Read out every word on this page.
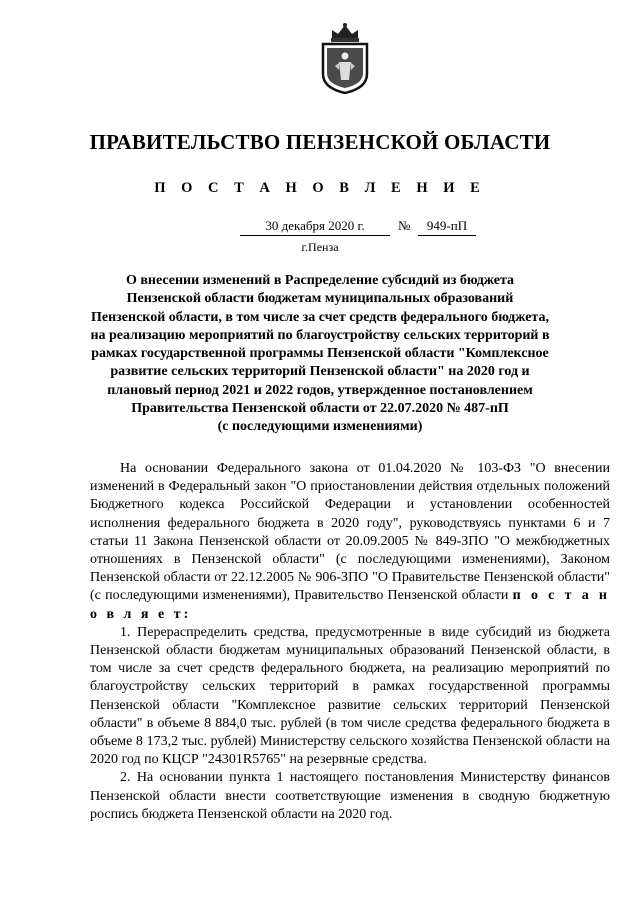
ПРАВИТЕЛЬСТВО ПЕНЗЕНСКОЙ ОБЛАСТИ
П О С Т А Н О В Л Е Н И Е
30 декабря 2020 г.	№	949-пП
г.Пенза
О внесении изменений в Распределение субсидий из бюджета
Пензенской области бюджетам муниципальных образований
Пензенской области, в том числе за счет средств федерального бюджета,
на реализацию мероприятий по благоустройству сельских территорий в
рамках государственной программы Пензенской области "Комплексное
развитие сельских территорий Пензенской области" на 2020 год и
плановый период 2021 и 2022 годов, утвержденное постановлением
Правительства Пензенской области от 22.07.2020 № 487-пП
(с последующими изменениями)

На основании Федерального закона от 01.04.2020 № 103-ФЗ "О внесении изменений в Федеральный закон "О приостановлении действия отдельных положений Бюджетного кодекса Российской Федерации и установлении особенностей исполнения федерального бюджета в 2020 году", руководствуясь пунктами 6 и 7 статьи 11 Закона Пензенской области от 20.09.2005 № 849-ЗПО "О межбюджетных отношениях в Пензенской области" (с последующими изменениями), Законом Пензенской области от 22.12.2005 № 906-ЗПО "О Правительстве Пензенской области" (с последующими изменениями), Правительство Пензенской области п о с т а н о в л я е т:

1. Перераспределить средства, предусмотренные в виде субсидий из бюджета Пензенской области бюджетам муниципальных образований Пензенской области, в том числе за счет средств федерального бюджета, на реализацию мероприятий по благоустройству сельских территорий в рамках государственной программы Пензенской области "Комплексное развитие сельских территорий Пензенской области" в объеме 8 884,0 тыс. рублей (в том числе средства федерального бюджета в объеме 8 173,2 тыс. рублей) Министерству сельского хозяйства Пензенской области на 2020 год по КЦСР "24301R5765" на резервные средства.

2. На основании пункта 1 настоящего постановления Министерству финансов Пензенской области внести соответствующие изменения в сводную бюджетную роспись бюджета Пензенской области на 2020 год.
